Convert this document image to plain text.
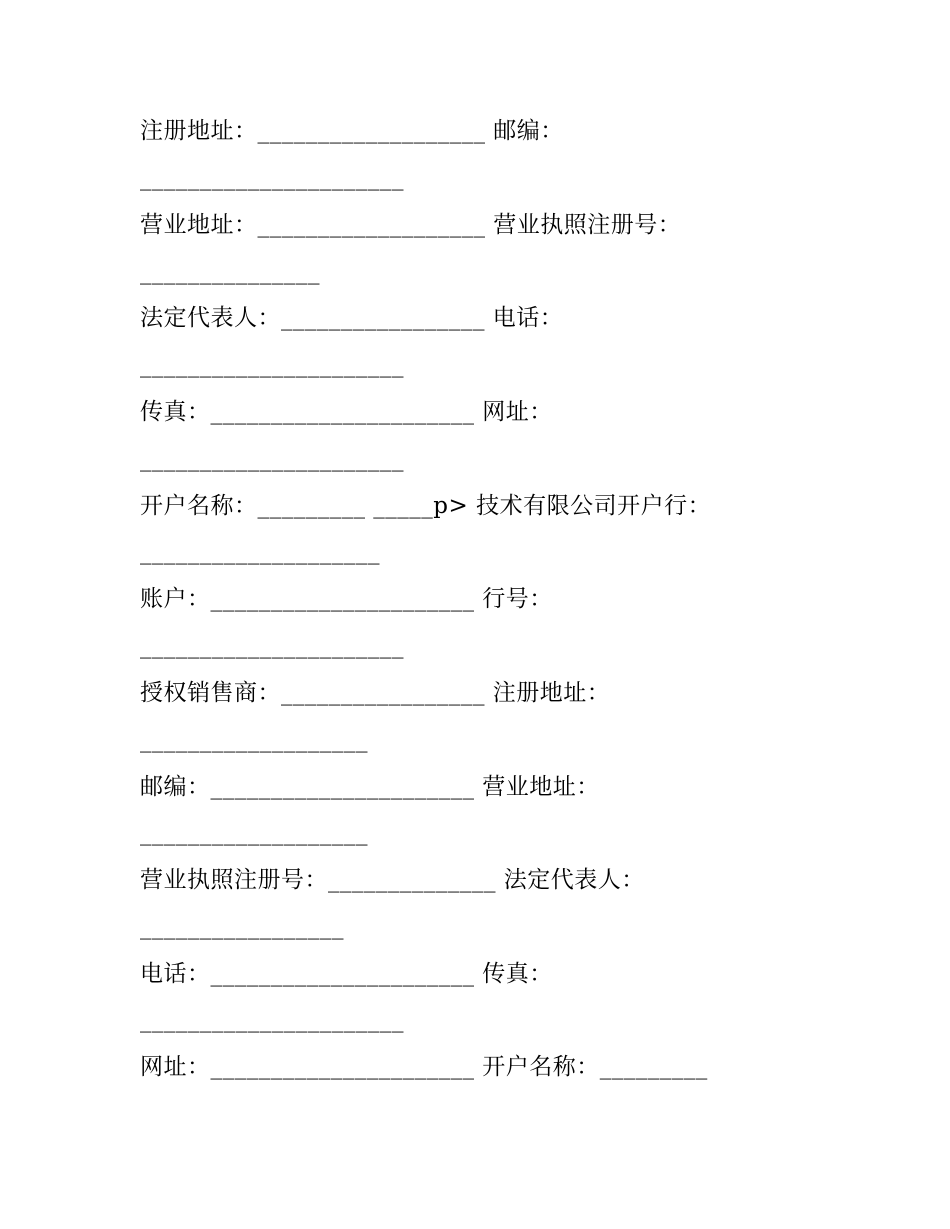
注册地址：___________________ 邮编：
______________________
营业地址：___________________ 营业执照注册号：
_______________
法定代表人：_________________ 电话：
______________________
传真：______________________ 网址：
______________________
开户名称：_________ _____p> 技术有限公司开户行：
____________________
账户：______________________ 行号：
______________________
授权销售商：_________________ 注册地址：
___________________
邮编：______________________ 营业地址：
___________________
营业执照注册号：______________ 法定代表人：
_________________
电话：______________________ 传真：
______________________
网址：______________________ 开户名称：_________
